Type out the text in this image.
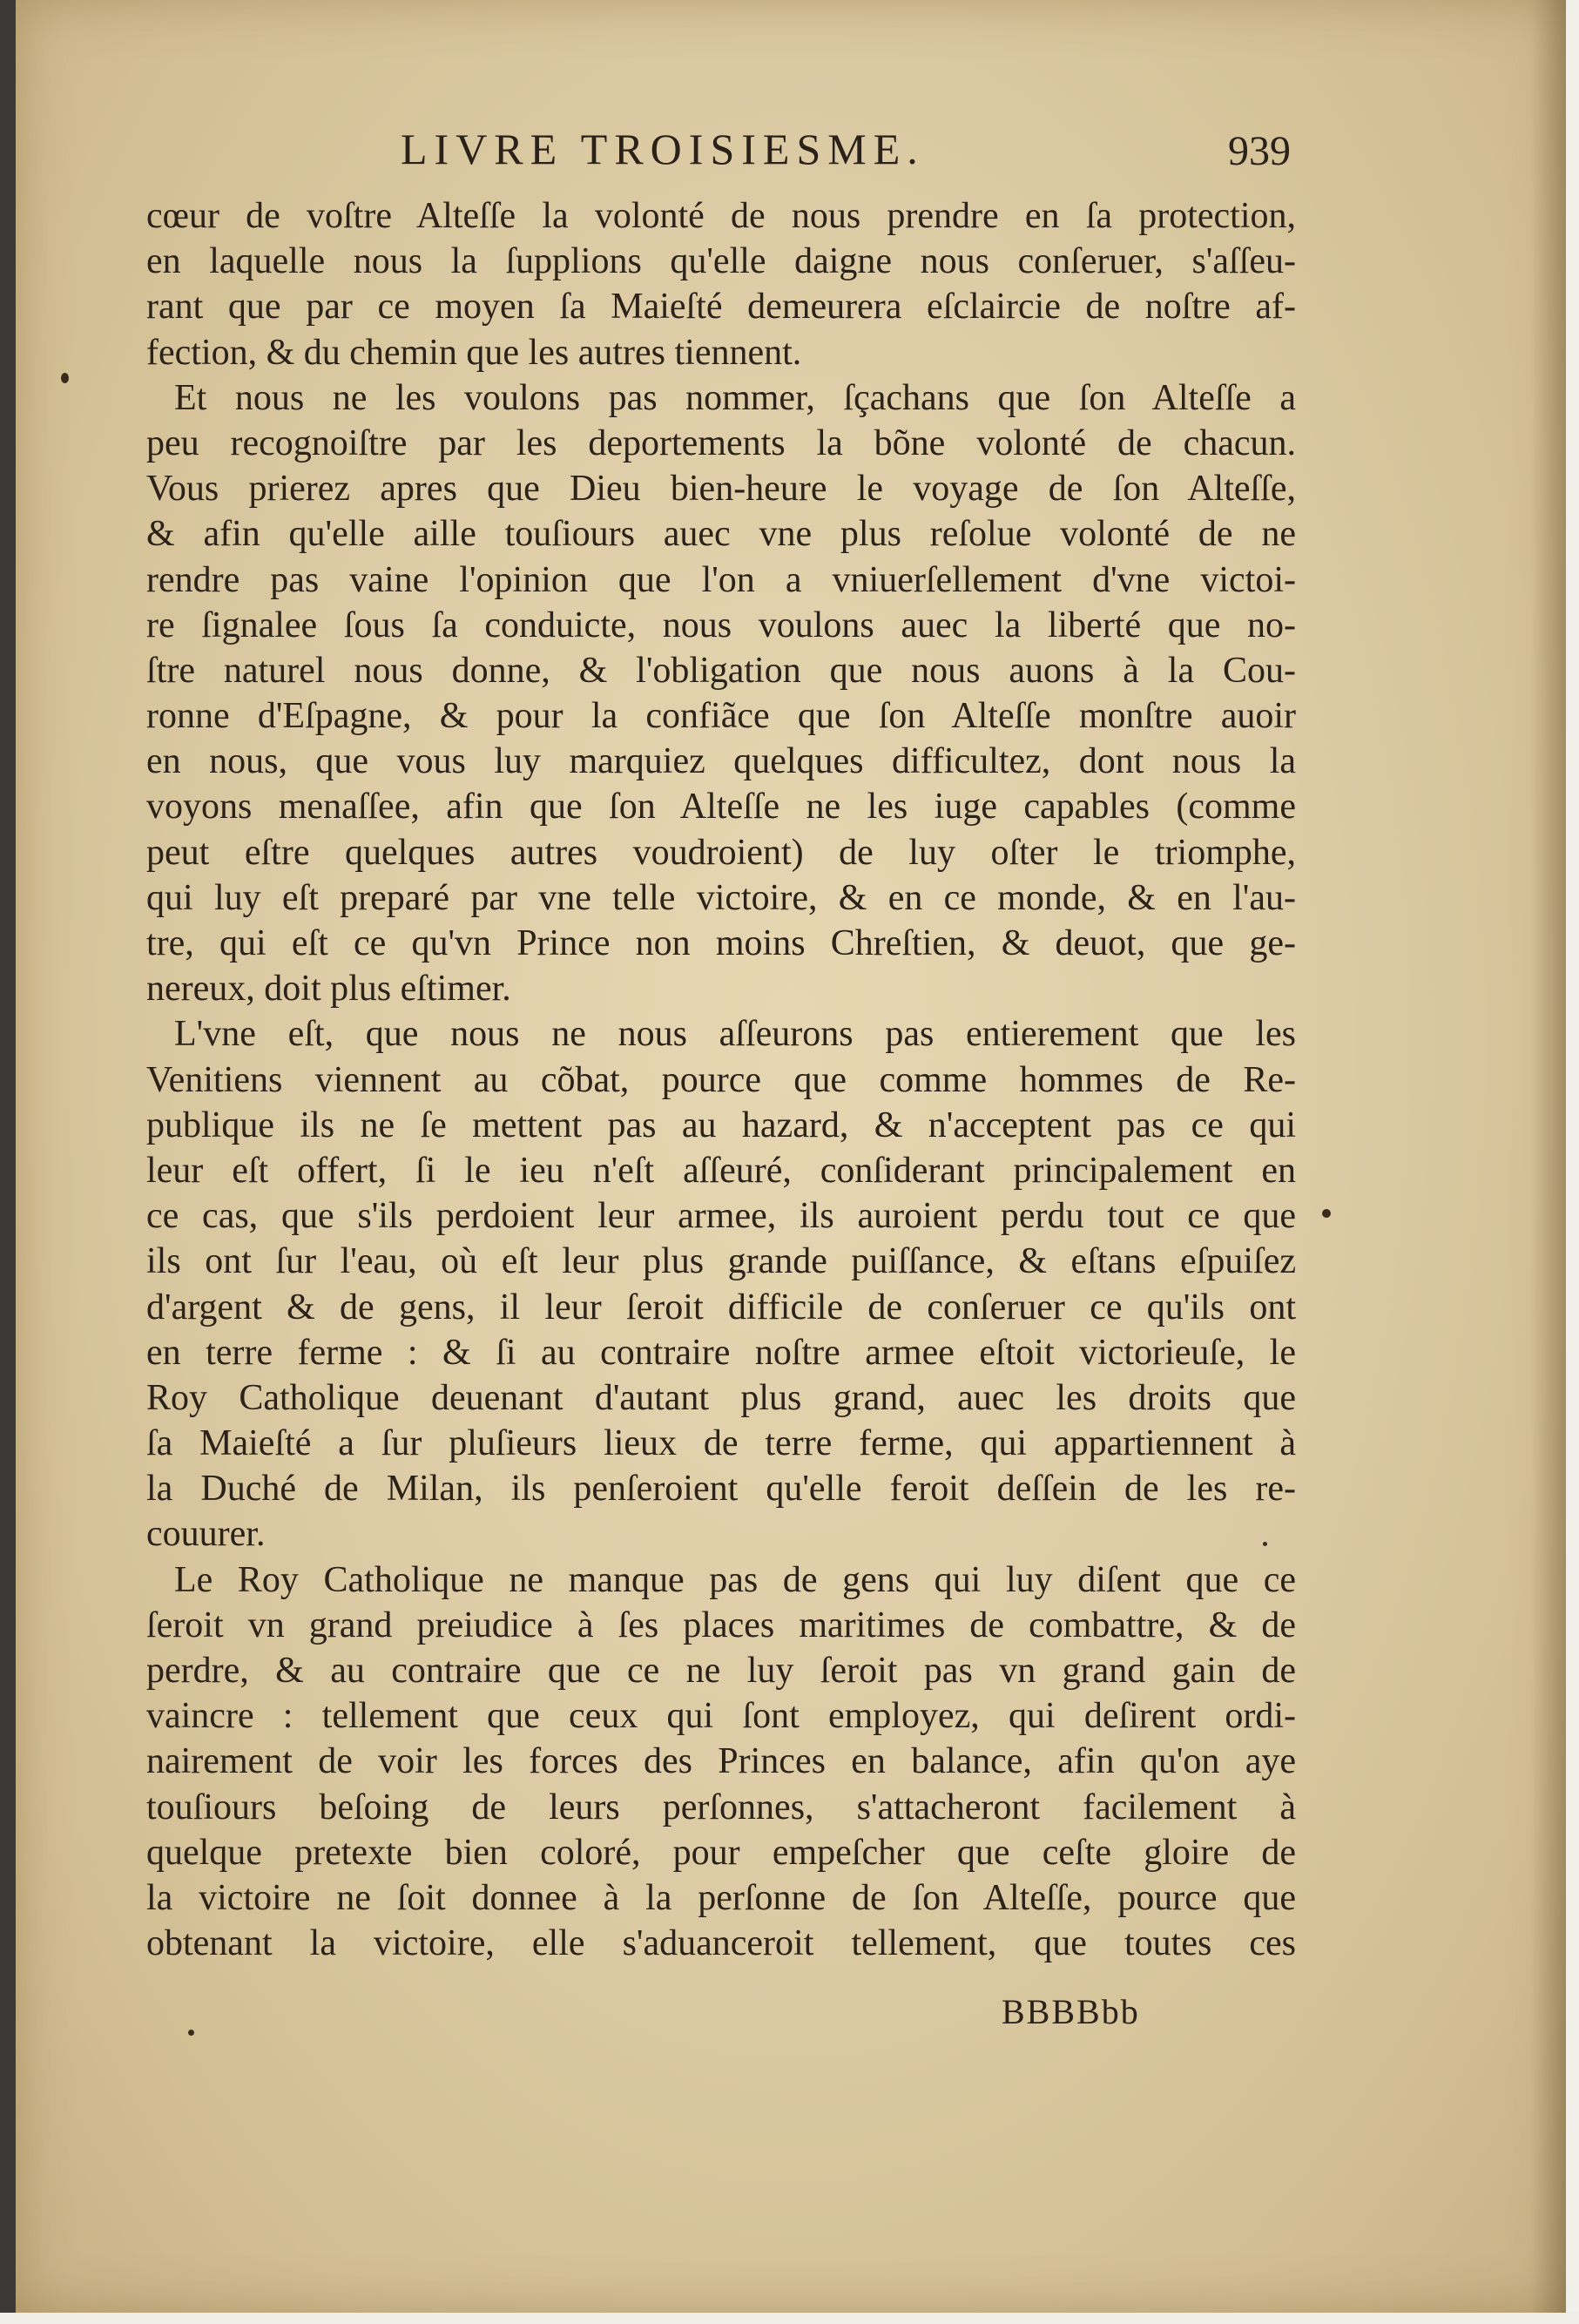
LIVRE TROISIESME.	939
cœur de voſtre Alteſſe la volonté de nous prendre en ſa protection,
en laquelle nous la ſupplions qu'elle daigne nous conſeruer, s'aſſeu-
rant que par ce moyen ſa Maieſté demeurera eſclaircie de noſtre af-
fection, & du chemin que les autres tiennent.
Et nous ne les voulons pas nommer, ſçachans que ſon Alteſſe a
peu recognoiſtre par les deportements la bõne volonté de chacun.
Vous prierez apres que Dieu bien-heure le voyage de ſon Alteſſe,
& afin qu'elle aille touſiours auec vne plus reſolue volonté de ne
rendre pas vaine l'opinion que l'on a vniuerſellement d'vne victoi-
re ſignalee ſous ſa conduicte, nous voulons auec la liberté que no-
ſtre naturel nous donne, & l'obligation que nous auons à la Cou-
ronne d'Eſpagne, & pour la confiãce que ſon Alteſſe monſtre auoir
en nous, que vous luy marquiez quelques difficultez, dont nous la
voyons menaſſee, afin que ſon Alteſſe ne les iuge capables (comme
peut eſtre quelques autres voudroient) de luy oſter le triomphe,
qui luy eſt preparé par vne telle victoire, & en ce monde, & en l'au-
tre, qui eſt ce qu'vn Prince non moins Chreſtien, & deuot, que ge-
nereux, doit plus eſtimer.
L'vne eſt, que nous ne nous aſſeurons pas entierement que les
Venitiens viennent au cõbat, pource que comme hommes de Re-
publique ils ne ſe mettent pas au hazard, & n'acceptent pas ce qui
leur eſt offert, ſi le ieu n'eſt aſſeuré, conſiderant principalement en
ce cas, que s'ils perdoient leur armee, ils auroient perdu tout ce que
ils ont ſur l'eau, où eſt leur plus grande puiſſance, & eſtans eſpuiſez
d'argent & de gens, il leur ſeroit difficile de conſeruer ce qu'ils ont
en terre ferme : & ſi au contraire noſtre armee eſtoit victorieuſe, le
Roy Catholique deuenant d'autant plus grand, auec les droits que
ſa Maieſté a ſur pluſieurs lieux de terre ferme, qui appartiennent à
la Duché de Milan, ils penſeroient qu'elle feroit deſſein de les re-
couurer.
Le Roy Catholique ne manque pas de gens qui luy diſent que ce
ſeroit vn grand preiudice à ſes places maritimes de combattre, & de
perdre, & au contraire que ce ne luy ſeroit pas vn grand gain de
vaincre : tellement que ceux qui ſont employez, qui deſirent ordi-
nairement de voir les forces des Princes en balance, afin qu'on aye
touſiours beſoing de leurs perſonnes, s'attacheront facilement à
quelque pretexte bien coloré, pour empeſcher que ceſte gloire de
la victoire ne ſoit donnee à la perſonne de ſon Alteſſe, pource que
obtenant la victoire, elle s'aduanceroit tellement, que toutes ces
BBBBbb
